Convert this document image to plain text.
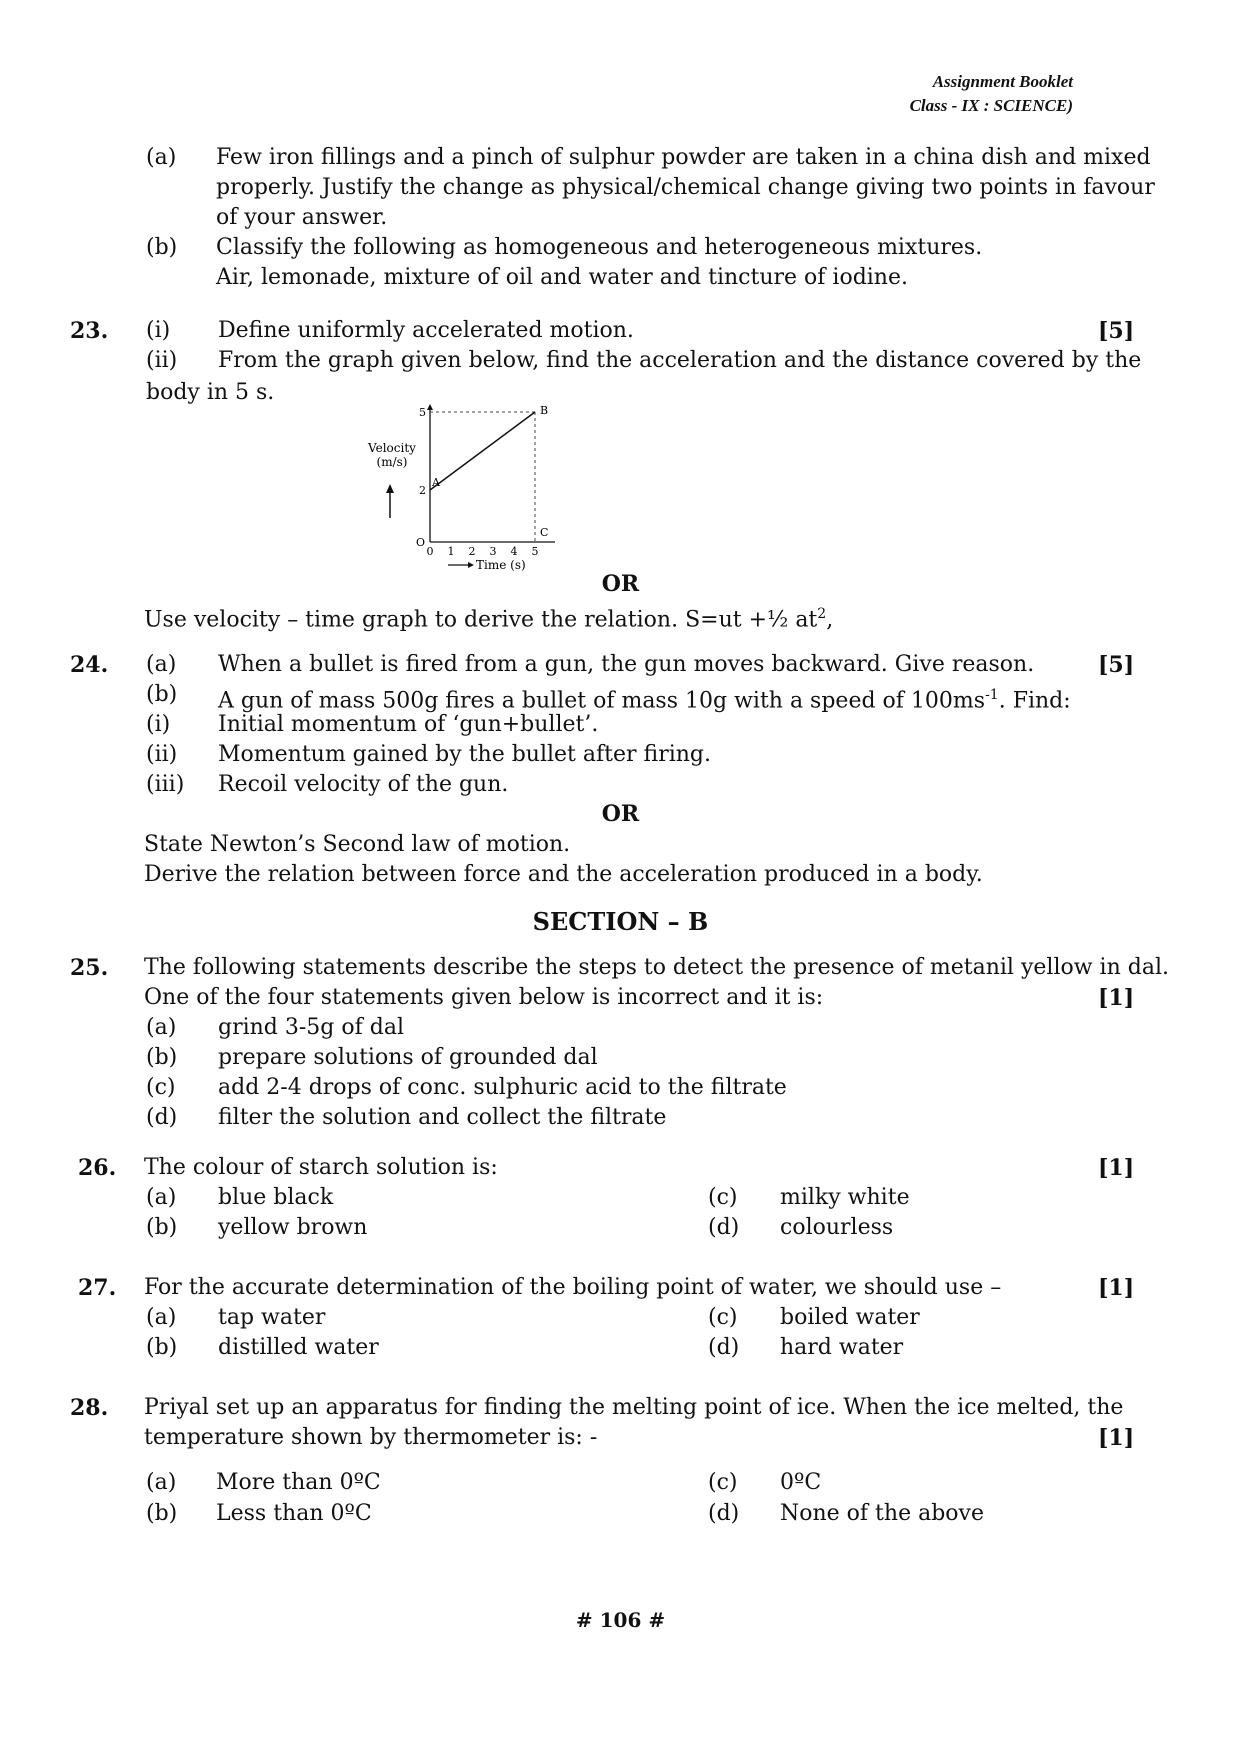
Assignment Booklet
Class - IX : SCIENCE)
(a) Few iron fillings and a pinch of sulphur powder are taken in a china dish and mixed
properly. Justify the change as physical/chemical change giving two points in favour
of your answer.
(b) Classify the following as homogeneous and heterogeneous mixtures.
Air, lemonade, mixture of oil and water and tincture of iodine.
23. (i) Define uniformly accelerated motion.	[5]
(ii) From the graph given below, find the acceleration and the distance covered by the
body in 5 s.
Velocity
(m/s)
0 1 2 3 4 5
2
5
O
A
B
C
Time (s)
OR
Use velocity – time graph to derive the relation. S=ut +½ $at^2$,
24.	[5]
(a) When a bullet is fired from a gun, the gun moves backward. Give reason.
(b) A gun of mass 500g fires a bullet of mass 10g with a speed of $100ms^{-1}$. Find:
(i) Initial momentum of ‘gun+bullet’.
(ii) Momentum gained by the bullet after firing.
(iii) Recoil velocity of the gun.
OR
State Newton’s Second law of motion.
Derive the relation between force and the acceleration produced in a body.
SECTION – B
25. The following statements describe the steps to detect the presence of metanil yellow in dal.
One of the four statements given below is incorrect and it is:	[1]
(a) grind 3-5g of dal
(b) prepare solutions of grounded dal
(c) add 2-4 drops of conc. sulphuric acid to the filtrate
(d) filter the solution and collect the filtrate
26. The colour of starch solution is:	[1]
(a) blue black
(b) yellow brown
(c) milky white
(d) colourless
27. For the accurate determination of the boiling point of water, we should use –	[1]
(a) tap water
(b) distilled water
(c) boiled water
(d) hard water
28. Priyal set up an apparatus for finding the melting point of ice. When the ice melted, the
temperature shown by thermometer is: -	[1]
(a) More than 0ºC
(b) Less than 0ºC
(c) 0ºC
(d) None of the above
# 106 #
